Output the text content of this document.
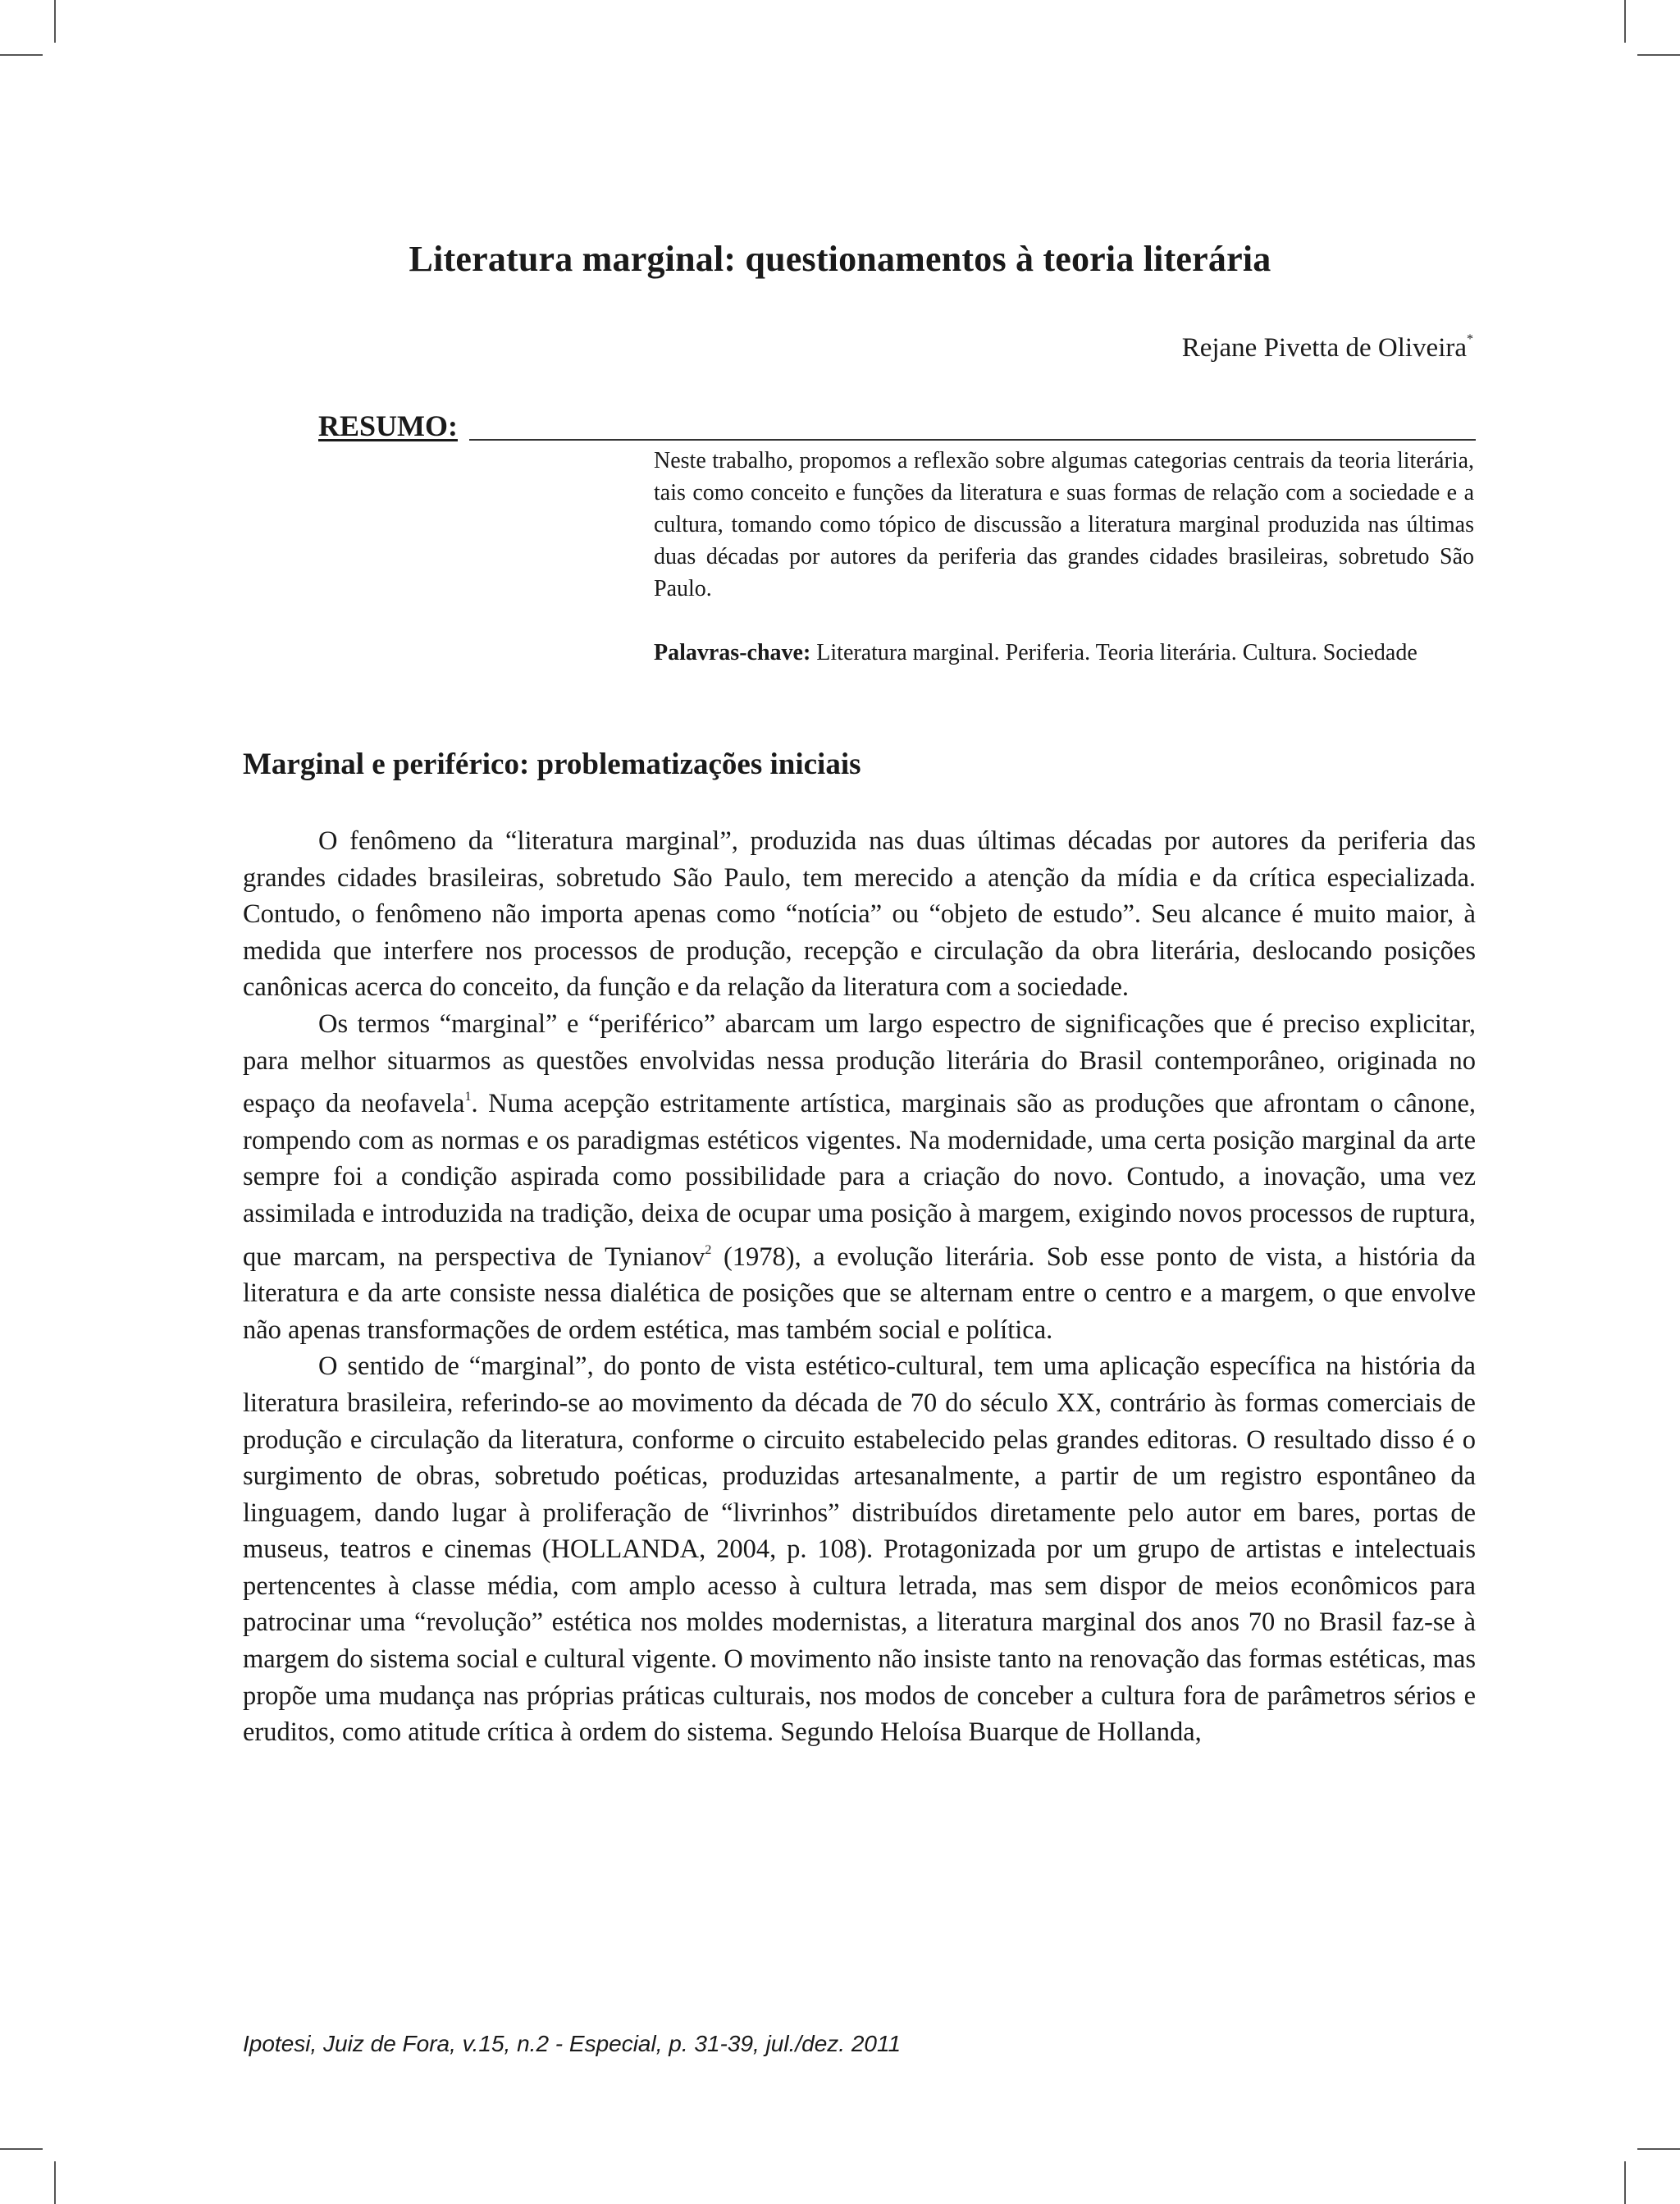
Literatura marginal: questionamentos à teoria literária

Rejane Pivetta de Oliveira*

RESUMO:

Neste trabalho, propomos a reflexão sobre algumas categorias centrais da teoria literária, tais como conceito e funções da literatura e suas formas de relação com a sociedade e a cultura, tomando como tópico de discussão a literatura marginal produzida nas últimas duas décadas por autores da periferia das grandes cidades brasileiras, sobretudo São Paulo.

Palavras-chave: Literatura marginal. Periferia. Teoria literária. Cultura. Sociedade

Marginal e periférico: problematizações iniciais

O fenômeno da “literatura marginal”, produzida nas duas últimas décadas por autores da periferia das grandes cidades brasileiras, sobretudo São Paulo, tem merecido a atenção da mídia e da crítica especializada. Contudo, o fenômeno não importa apenas como “notícia” ou “objeto de estudo”. Seu alcance é muito maior, à medida que interfere nos processos de produção, recepção e circulação da obra literária, deslocando posições canônicas acerca do conceito, da função e da relação da literatura com a sociedade.

Os termos “marginal” e “periférico” abarcam um largo espectro de significações que é preciso explicitar, para melhor situarmos as questões envolvidas nessa produção literária do Brasil contemporâneo, originada no espaço da neofavela$^1$. Numa acepção estritamente artística, marginais são as produções que afrontam o cânone, rompendo com as normas e os paradigmas estéticos vigentes. Na modernidade, uma certa posição marginal da arte sempre foi a condição aspirada como possibilidade para a criação do novo. Contudo, a inovação, uma vez assimilada e introduzida na tradição, deixa de ocupar uma posição à margem, exigindo novos processos de ruptura, que marcam, na perspectiva de Tynianov$^2$ (1978), a evolução literária. Sob esse ponto de vista, a história da literatura e da arte consiste nessa dialética de posições que se alternam entre o centro e a margem, o que envolve não apenas transformações de ordem estética, mas também social e política.

O sentido de “marginal”, do ponto de vista estético-cultural, tem uma aplicação específica na história da literatura brasileira, referindo-se ao movimento da década de 70 do século XX, contrário às formas comerciais de produção e circulação da literatura, conforme o circuito estabelecido pelas grandes editoras. O resultado disso é o surgimento de obras, sobretudo poéticas, produzidas artesanalmente, a partir de um registro espontâneo da linguagem, dando lugar à proliferação de “livrinhos” distribuídos diretamente pelo autor em bares, portas de museus, teatros e cinemas (HOLLANDA, 2004, p. 108). Protagonizada por um grupo de artistas e intelectuais pertencentes à classe média, com amplo acesso à cultura letrada, mas sem dispor de meios econômicos para patrocinar uma “revolução” estética nos moldes modernistas, a literatura marginal dos anos 70 no Brasil faz-se à margem do sistema social e cultural vigente. O movimento não insiste tanto na renovação das formas estéticas, mas propõe uma mudança nas próprias práticas culturais, nos modos de conceber a cultura fora de parâmetros sérios e eruditos, como atitude crítica à ordem do sistema. Segundo Heloísa Buarque de Hollanda,

Ipotesi, Juiz de Fora, v.15, n.2 - Especial, p. 31-39, jul./dez. 2011
